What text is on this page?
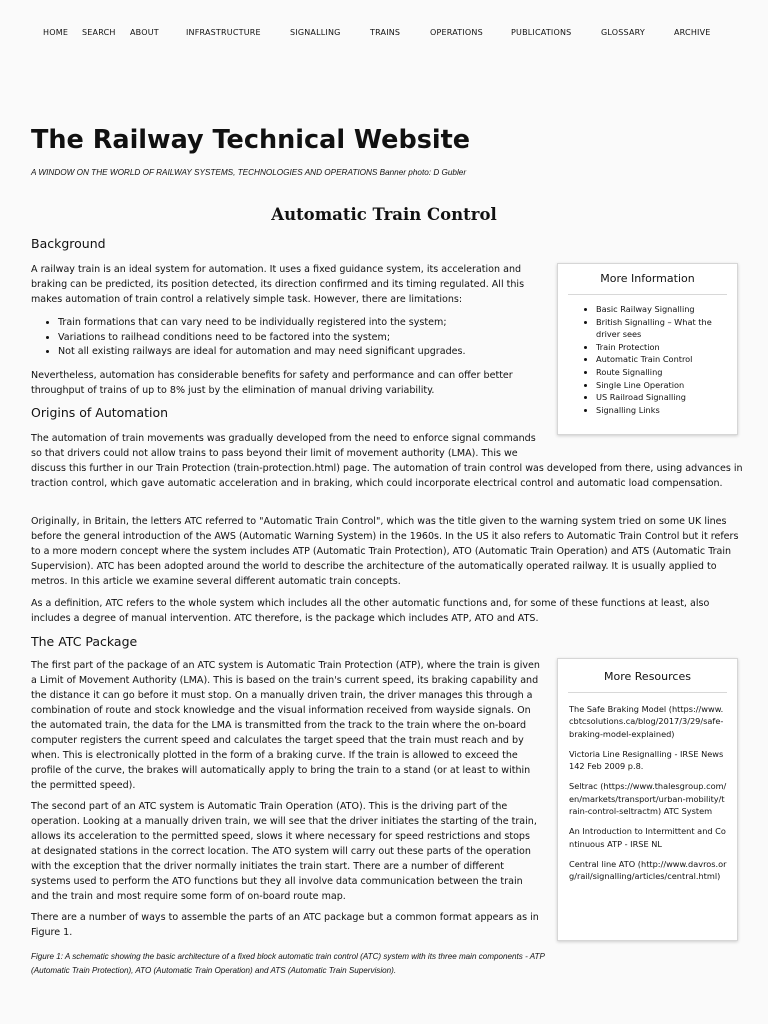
HOME SEARCH ABOUT	INFRASTRUCTURE	SIGNALLING	TRAINS	OPERATIONS	PUBLICATIONS	GLOSSARY	ARCHIVE
The Railway Technical Website
A WINDOW ON THE WORLD OF RAILWAY SYSTEMS, TECHNOLOGIES AND OPERATIONS Banner photo: D Gubler
Automatic Train Control
Background

A railway train is an ideal system for automation. It uses a fixed guidance system, its acceleration and braking can be predicted, its position detected, its direction confirmed and its timing regulated. All this makes automation of train control a relatively simple task. However, there are limitations:

• Train formations that can vary need to be individually registered into the system;
• Variations to railhead conditions need to be factored into the system;
• Not all existing railways are ideal for automation and may need significant upgrades.

Nevertheless, automation has considerable benefits for safety and performance and can offer better throughput of trains of up to 8% just by the elimination of manual driving variability.

Origins of Automation

The automation of train movements was gradually developed from the need to enforce signal commands so that drivers could not allow trains to pass beyond their limit of movement authority (LMA). This we

discuss this further in our Train Protection (train-protection.html) page. The automation of train control was developed from there, using advances in traction control, which gave automatic acceleration and in braking, which could incorporate electrical control and automatic load compensation.

Originally, in Britain, the letters ATC referred to "Automatic Train Control", which was the title given to the warning system tried on some UK lines before the general introduction of the AWS (Automatic Warning System) in the 1960s. In the US it also refers to Automatic Train Control but it refers to a more modern concept where the system includes ATP (Automatic Train Protection), ATO (Automatic Train Operation) and ATS (Automatic Train Supervision). ATC has been adopted around the world to describe the architecture of the automatically operated railway. It is usually applied to metros. In this article we examine several different automatic train concepts.

As a definition, ATC refers to the whole system which includes all the other automatic functions and, for some of these functions at least, also includes a degree of manual intervention. ATC therefore, is the package which includes ATP, ATO and ATS.

The ATC Package

The first part of the package of an ATC system is Automatic Train Protection (ATP), where the train is given a Limit of Movement Authority (LMA). This is based on the train's current speed, its braking capability and the distance it can go before it must stop. On a manually driven train, the driver manages this through a combination of route and stock knowledge and the visual information received from wayside signals. On the automated train, the data for the LMA is transmitted from the track to the train where the on-board computer registers the current speed and calculates the target speed that the train must reach and by when. This is electronically plotted in the form of a braking curve. If the train is allowed to exceed the profile of the curve, the brakes will automatically apply to bring the train to a stand (or at least to within the permitted speed).

The second part of an ATC system is Automatic Train Operation (ATO). This is the driving part of the operation. Looking at a manually driven train, we will see that the driver initiates the starting of the train, allows its acceleration to the permitted speed, slows it where necessary for speed restrictions and stops at designated stations in the correct location. The ATO system will carry out these parts of the operation with the exception that the driver normally initiates the train start. There are a number of different systems used to perform the ATO functions but they all involve data communication between the train and the train and most require some form of on-board route map.

There are a number of ways to assemble the parts of an ATC package but a common format appears as in Figure 1.

Figure 1: A schematic showing the basic architecture of a fixed block automatic train control (ATC) system with its three main components - ATP (Automatic Train Protection), ATO (Automatic Train Operation) and ATS (Automatic Train Supervision).

More Information
• Basic Railway Signalling
• British Signalling – What the driver sees
• Train Protection
• Automatic Train Control
• Route Signalling
• Single Line Operation
• US Railroad Signalling
• Signalling Links
More Resources
The Safe Braking Model (https://www.cbtcsolutions.ca/blog/2017/3/29/safe-braking-model-explained)
Victoria Line Resignalling - IRSE News 142 Feb 2009 p.8.
Seltrac (https://www.thalesgroup.com/en/markets/transport/urban-mobility/train-control-seltractm) ATC System
An Introduction to Intermittent and Continuous ATP - IRSE NL
Central line ATO (http://www.davros.org/rail/signalling/articles/central.html)
